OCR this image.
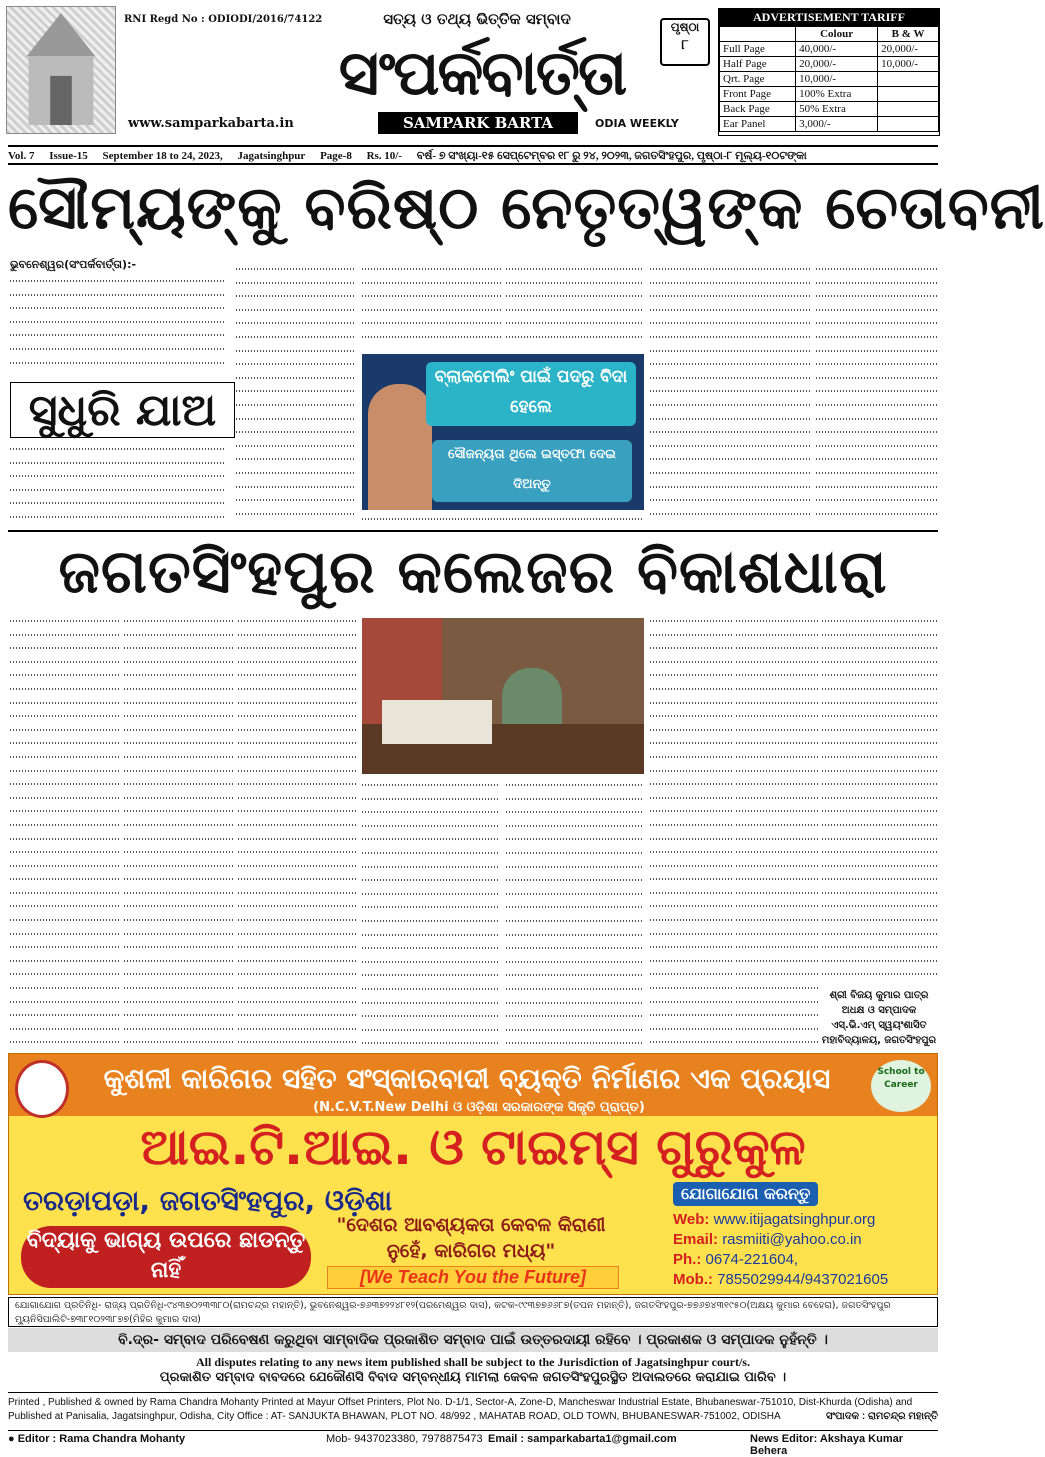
RNI Regd No : ODIODI/2016/74122	ସତ୍ୟ ଓ ତଥ୍ୟ ଭିତ୍ତିକ ସମ୍ବାଦ
ସଂପର୍କବାର୍ତ୍ତା
SAMPARK BARTA	ODIA WEEKLY
www.samparkabarta.in
ପୃଷ୍ଠା
୮
ADVERTISEMENT TARIFF
	Colour	B & W
Full Page	40,000/-	20,000/-
Half Page	20,000/-	10,000/-
Qrt. Page	10,000/-	
Front Page	100% Extra	
Back Page	50% Extra	
Ear Panel	3,000/-	
Vol. 7 Issue-15 September 18 to 24, 2023, Jagatsinghpur Page-8 Rs. 10/- ବର୍ଷ- ୭ ସଂଖ୍ୟା-୧୫ ସେପ୍ଟେମ୍ବର ୧୮ ରୁ ୨୪, ୨୦୨୩, ଜଗତସିଂହପୁର, ପୃଷ୍ଠା-୮ ମୂଲ୍ୟ-୧୦ଟଙ୍କା
ସୌମ୍ୟଙ୍କୁ ବରିଷ୍ଠ ନେତୃତ୍ୱଙ୍କ ଚେତାବନୀ
ଭୁବନେଶ୍ୱର(ସଂପର୍କବାର୍ତ୍ତା):-
ସୁଧୁରି ଯାଅ
ବ୍ଲାକମେଲିଂ ପାଇଁ ପଦରୁ ବିଦା ହେଲେ
ସୌଜନ୍ୟତା ଥିଲେ ଇସ୍ତଫା ଦେଇ ଦିଅନ୍ତୁ
ଜଗତସିଂହପୁର କଲେଜର ବିକାଶଧାରା
ଶ୍ରୀ ବିଜୟ କୁମାର ପାତ୍ର
ଅଧକ୍ଷ ଓ ସମ୍ପାଦକ
ଏସ୍.ଭି.ଏମ୍ ସ୍ୱୟଂଶାସିତ ମହାବିଦ୍ୟାଳୟ, ଜଗତସିଂହପୁର
କୁଶଳୀ କାରିଗର ସହିତ ସଂସ୍କାରବାଦୀ ବ୍ୟକ୍ତି ନିର୍ମାଣର ଏକ ପ୍ରୟାସ
(N.C.V.T.New Delhi ଓ ଓଡ଼ିଶା ସରକାରଙ୍କ ସିକୃତି ପ୍ରାପ୍ତ)
School to Career
ଆଇ.ଟି.ଆଇ. ଓ ଟାଇମ୍ସ ଗୁରୁକୁଳ
ତରଡ଼ାପଡ଼ା, ଜଗତସିଂହପୁର, ଓଡ଼ିଶା	ଯୋଗାଯୋଗ କରନ୍ତୁ
ବିଦ୍ୟାକୁ ଭାଗ୍ୟ ଉପରେ ଛାଡନ୍ତୁ ନାହିଁ
"ଦେଶର ଆବଶ୍ୟକତା କେବଳ କିରାଣୀ ନୁହେଁ, କାରିଗର ମଧ୍ୟ"
[We Teach You the Future]
Web: www.itijagatsinghpur.org
Email: rasmiiti@yahoo.co.in
Ph.: 0674-221604,
Mob.: 7855029944/9437021605
ଯୋଗାଯୋଗ ପ୍ରତିନିଧି- ରାଜ୍ୟ ପ୍ରତିନିଧି-୯୪୩୭୦୨୩୩୮୦(ରାମଚନ୍ଦ୍ର ମହାନ୍ତି), ଭୁବନେଶ୍ୱର-୭୬୩୭୨୨୪୮୧୨(ପରମେଶ୍ୱର ଦାସ), କଟକ-୯୯୩୭୭୬୬୮୭(ତପନ ମହାନ୍ତି), ଜଗତସିଂହପୁର-୭୭୬୭୪୩୧୯୫୦(ଅକ୍ଷୟ କୁମାର ବେହେରା), ଜଗତସିଂହପୁର ମ୍ୟୁନିସିପାଲିଟି-୭୩୮୧୦୨୩୮୭୭(ମିହିର କୁମାର ଦାସ)
ବି.ଦ୍ର- ସମ୍ବାଦ ପରିବେଷଣ କରୁଥିବା ସାମ୍ବାଦିକ ପ୍ରକାଶିତ ସମ୍ବାଦ ପାଇଁ ଉତ୍ତରଦାୟୀ ରହିବେ । ପ୍ରକାଶକ ଓ ସମ୍ପାଦକ ନୁହଁନ୍ତି ।
All disputes relating to any news item published shall be subject to the Jurisdiction of Jagatsinghpur court/s.
ପ୍ରକାଶିତ ସମ୍ବାଦ ବାବଦରେ ଯେକୌଣସି ବିବାଦ ସମ୍ବନ୍ଧୀୟ ମାମଲା କେବଳ ଜଗତସିଂହପୁରସ୍ଥିତ ଅଦାଲତରେ କରାଯାଇ ପାରିବ ।
Printed , Published & owned by Rama Chandra Mohanty Printed at Mayur Offset Printers, Plot No. D-1/1, Sector-A, Zone-D, Mancheswar Industrial Estate, Bhubaneswar-751010, Dist-Khurda (Odisha) and Published at Panisalia, Jagatsinghpur, Odisha, City Office : AT- SANJUKTA BHAWAN, PLOT NO. 48/992 , MAHATAB ROAD, OLD TOWN, BHUBANESWAR-751002, ODISHA	ସଂପାଦକ : ରାମଚନ୍ଦ୍ର ମହାନ୍ତି
● Editor : Rama Chandra Mohanty	Mob- 9437023380, 7978875473 Email : samparkabarta1@gmail.com	News Editor: Akshaya Kumar Behera
